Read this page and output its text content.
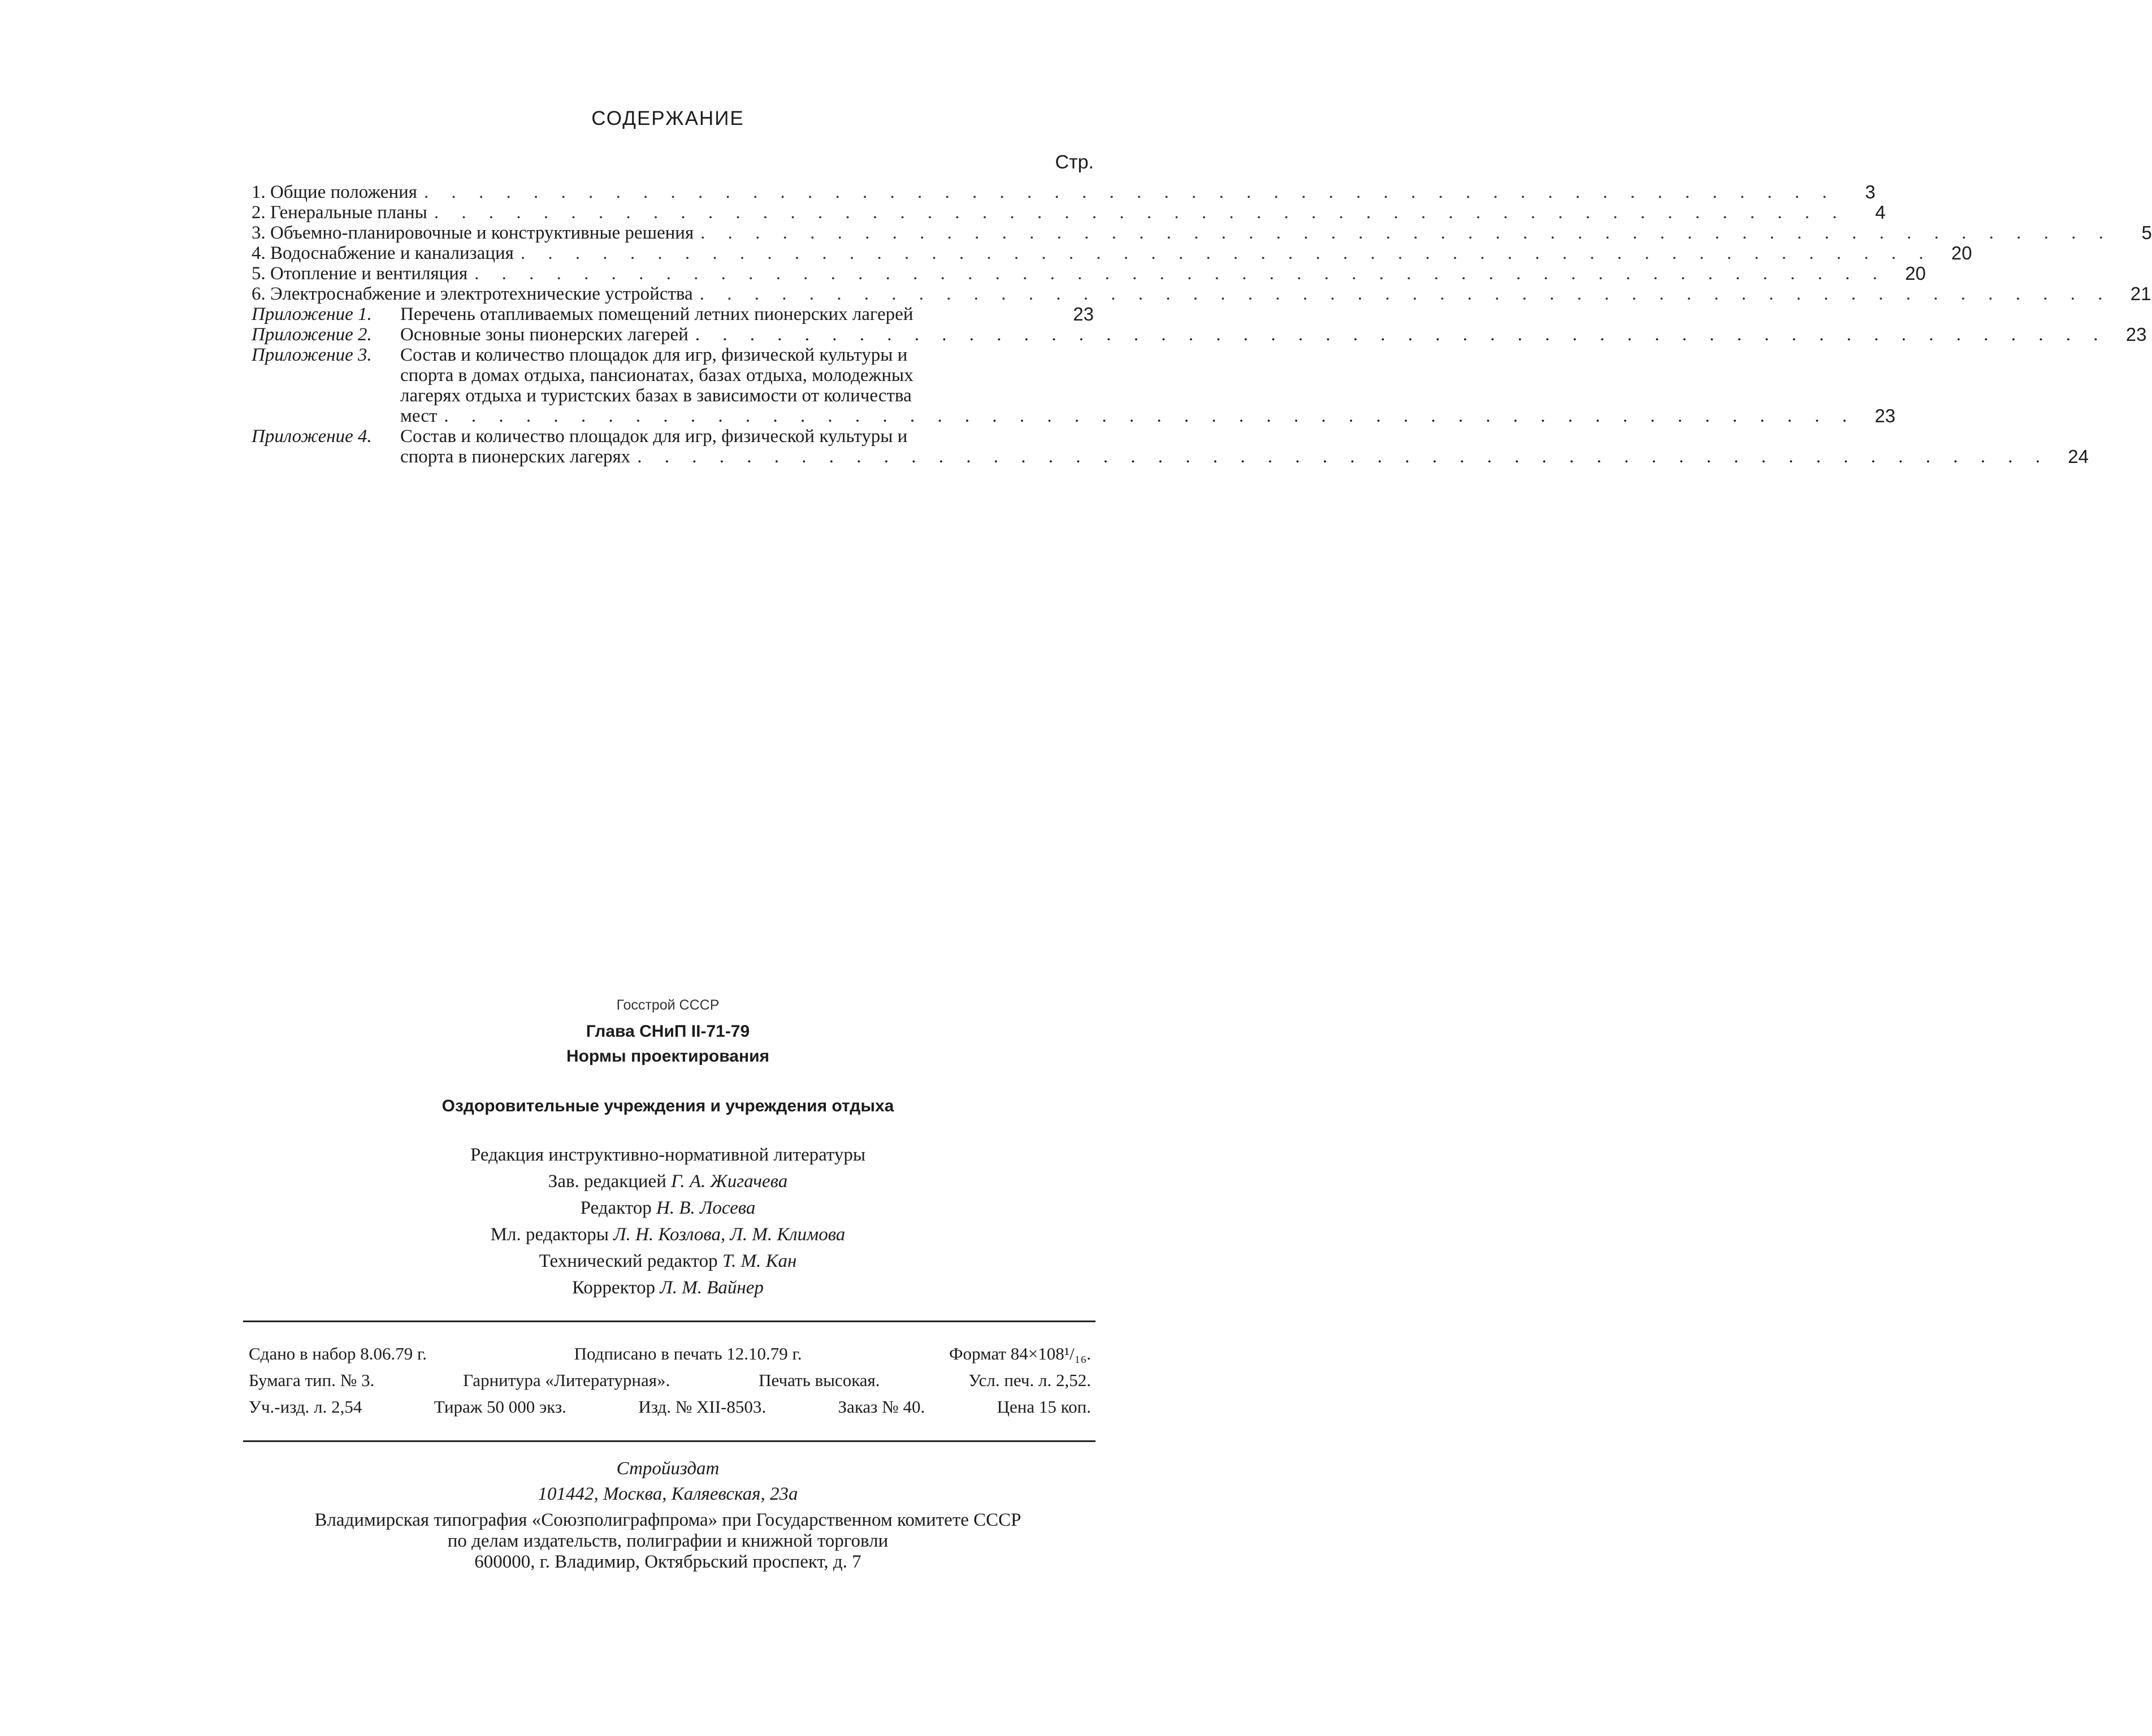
СОДЕРЖАНИЕ
Стр.
1. Общие положения . . . . . . . . . . . . . . . . . . . . . . . . . . . . . . . . . . . . . . . . . . . . . . . . . . . .	3
2. Генеральные планы . . . . . . . . . . . . . . . . . . . . . . . . . . . . . . . . . . . . . . . . . . . . . . . . . . . .	4
3. Объемно-планировочные и конструктивные решения . . . . . . . . . . . . . . . . . . . . . . . . . . . . . . . . . . . . . . . . . . . . . . . . . . . .	5
4. Водоснабжение и канализация . . . . . . . . . . . . . . . . . . . . . . . . . . . . . . . . . . . . . . . . . . . . . . . . . . . .	20
5. Отопление и вентиляция . . . . . . . . . . . . . . . . . . . . . . . . . . . . . . . . . . . . . . . . . . . . . . . . . . . .	20
6. Электроснабжение и электротехнические устройства . . . . . . . . . . . . . . . . . . . . . . . . . . . . . . . . . . . . . . . . . . . . . . . . . . . .	21
Приложение 1.	Перечень отапливаемых помещений летних пионерских лагерей	23
Приложение 2.	Основные зоны пионерских лагерей . . . . . . . . . . . . . . . . . . . . . . . . . . . . . . . . . . . . . . . . . . . . . . . . . . . .	23
Приложение 3.	Состав и количество площадок для игр, физической культуры и
спорта в домах отдыха, пансионатах, базах отдыха, молодежных
лагерях отдыха и туристских базах в зависимости от количества
мест . . . . . . . . . . . . . . . . . . . . . . . . . . . . . . . . . . . . . . . . . . . . . . . . . . . .	23
Приложение 4.	Состав и количество площадок для игр, физической культуры и
спорта в пионерских лагерях . . . . . . . . . . . . . . . . . . . . . . . . . . . . . . . . . . . . . . . . . . . . . . . . . . . .	24
Госстрой СССР
Глава СНиП II-71-79
Нормы проектирования
Оздоровительные учреждения и учреждения отдыха
Редакция инструктивно-нормативной литературы
Зав. редакцией Г. А. Жигачева
Редактор Н. В. Лосева
Мл. редакторы Л. Н. Козлова, Л. М. Климова
Технический редактор Т. М. Кан
Корректор Л. М. Вайнер
Сдано в набор 8.06.79 г.	Подписано в печать 12.10.79 г.	Формат 84×108¹/₁₆.
Бумага тип. № 3.	Гарнитура «Литературная».	Печать высокая.	Усл. печ. л. 2,52.
Уч.-изд. л. 2,54	Тираж 50 000 экз.	Изд. № XII-8503.	Заказ № 40.	Цена 15 коп.
Стройиздат
101442, Москва, Каляевская, 23а
Владимирская типография «Союзполиграфпрома» при Государственном комитете СССР
по делам издательств, полиграфии и книжной торговли
600000, г. Владимир, Октябрьский проспект, д. 7
